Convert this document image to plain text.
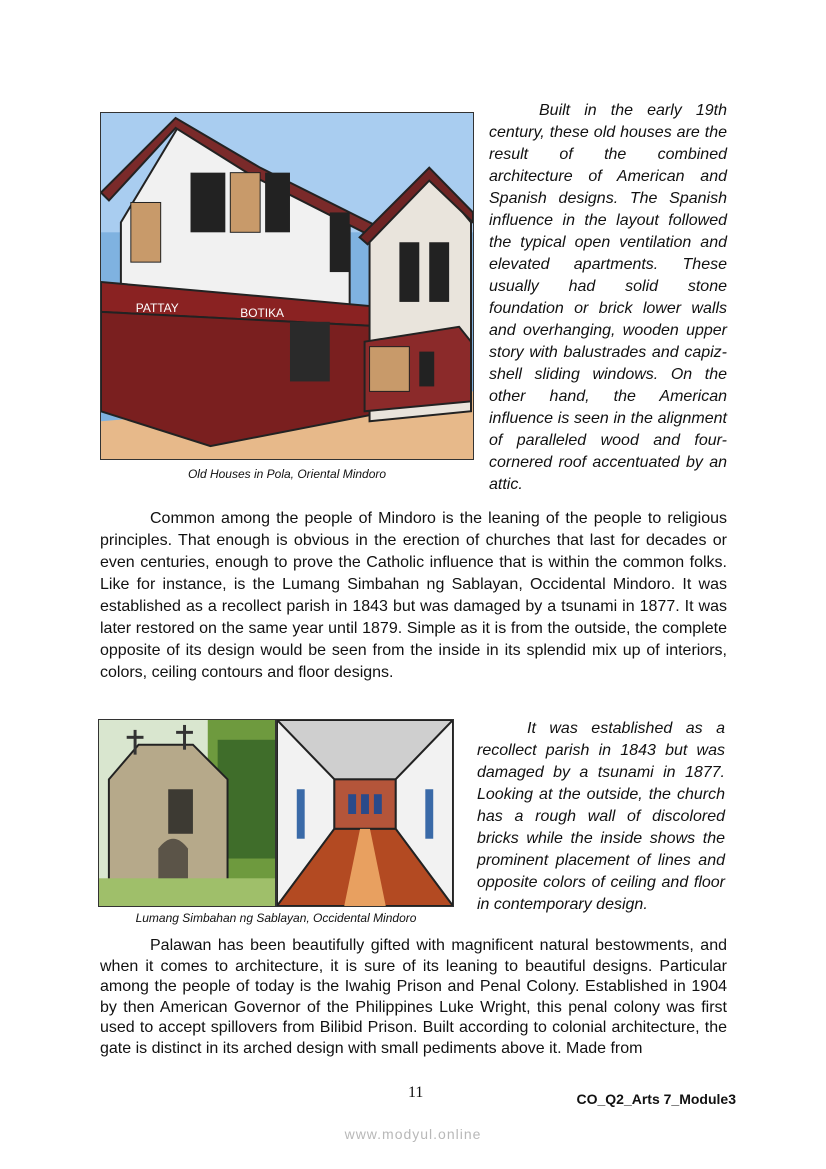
PATTAY	BOTIKA
Old Houses in Pola, Oriental Mindoro

Built in the early 19th century, these old houses are the result of the combined architecture of American and Spanish designs. The Spanish influence in the layout followed the typical open ventilation and elevated apartments. These usually had solid stone foundation or brick lower walls and overhanging, wooden upper story with balustrades and capiz-shell sliding windows. On the other hand, the American influence is seen in the alignment of paralleled wood and four-cornered roof accentuated by an attic.

Common among the people of Mindoro is the leaning of the people to religious principles. That enough is obvious in the erection of churches that last for decades or even centuries, enough to prove the Catholic influence that is within the common folks. Like for instance, is the Lumang Simbahan ng Sablayan, Occidental Mindoro. It was established as a recollect parish in 1843 but was damaged by a tsunami in 1877. It was later restored on the same year until 1879. Simple as it is from the outside, the complete opposite of its design would be seen from the inside in its splendid mix up of interiors, colors, ceiling contours and floor designs.

Lumang Simbahan ng Sablayan, Occidental Mindoro

It was established as a recollect parish in 1843 but was damaged by a tsunami in 1877. Looking at the outside, the church has a rough wall of discolored bricks while the inside shows the prominent placement of lines and opposite colors of ceiling and floor in contemporary design.

Palawan has been beautifully gifted with magnificent natural bestowments, and when it comes to architecture, it is sure of its leaning to beautiful designs. Particular among the people of today is the Iwahig Prison and Penal Colony. Established in 1904 by then American Governor of the Philippines Luke Wright, this penal colony was first used to accept spillovers from Bilibid Prison. Built according to colonial architecture, the gate is distinct in its arched design with small pediments above it. Made from

11	CO_Q2_Arts 7_Module3
www.modyul.online
